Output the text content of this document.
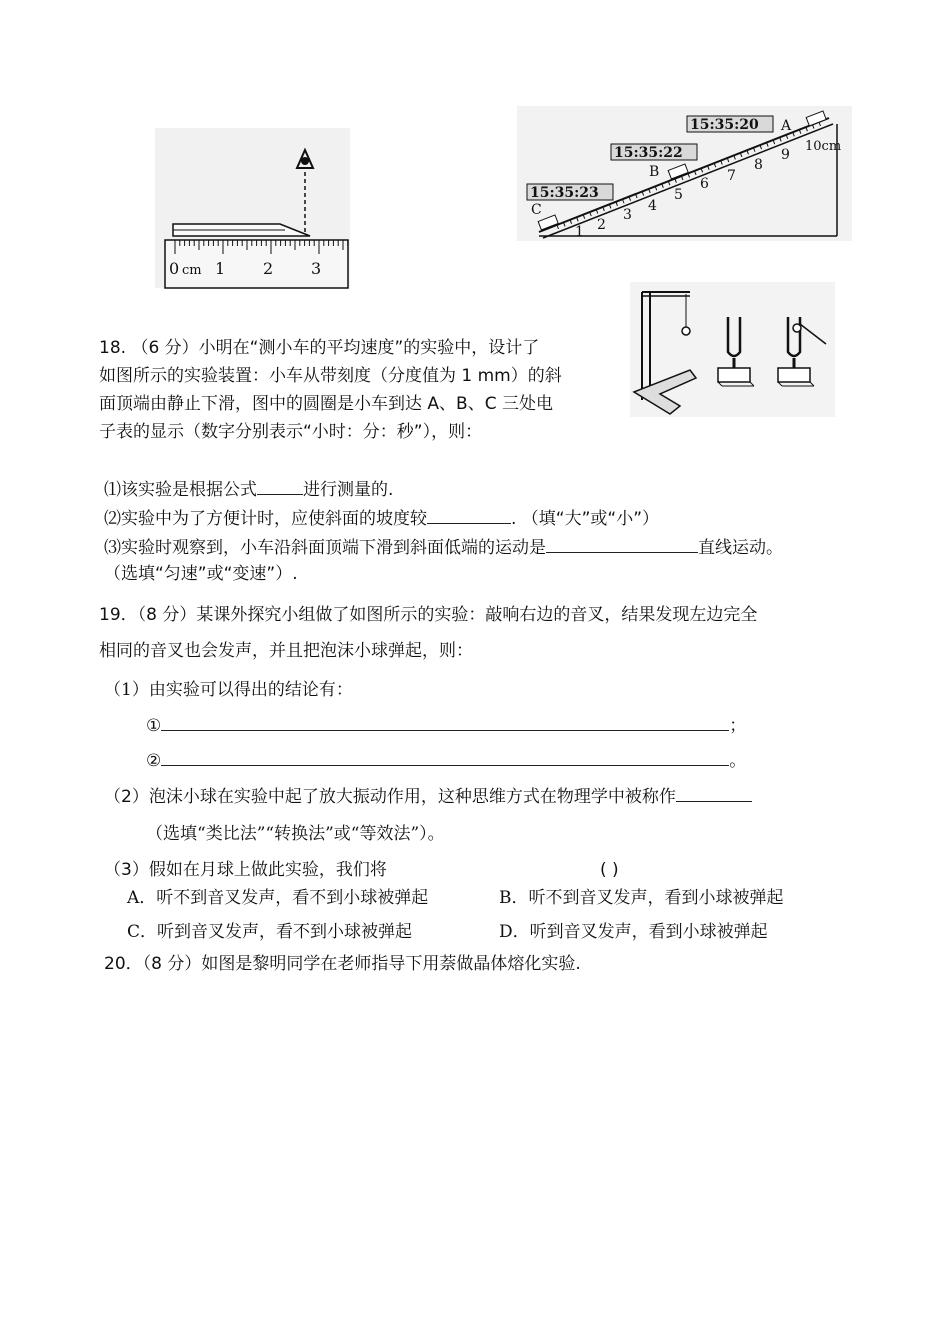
0 cm 1 2 3
15:35:20
15:35:22
15:35:23
A
B
C
1 2
3
4
5
6 7
8
9
10cm
18. （6 分）小明在“测小车的平均速度”的实验中，设计了
如图所示的实验装置：小车从带刻度（分度值为 1 mm）的斜
面顶端由静止下滑，图中的圆圈是小车到达 A、B、C 三处电
子表的显示（数字分别表示“小时：分：秒”），则：
⑴该实验是根据公式	进行测量的.
⑵实验中为了方便计时，应使斜面的坡度较	. （填“大”或“小”）
⑶实验时观察到，小车沿斜面顶端下滑到斜面低端的运动是	直线运动。
（选填“匀速”或“变速”）.
19．（8 分）某课外探究小组做了如图所示的实验：敲响右边的音叉，结果发现左边完全
相同的音叉也会发声，并且把泡沫小球弹起，则：
（1）由实验可以得出的结论有：
①	；
②	。
（2）泡沫小球在实验中起了放大振动作用，这种思维方式在物理学中被称作
（选填“类比法”“转换法”或“等效法”）。
（3）假如在月球上做此实验，我们将	( )
A．听不到音叉发声，看不到小球被弹起	B．听不到音叉发声，看到小球被弹起
C．听到音叉发声，看不到小球被弹起	D．听到音叉发声，看到小球被弹起
20．（8 分）如图是黎明同学在老师指导下用萘做晶体熔化实验.
